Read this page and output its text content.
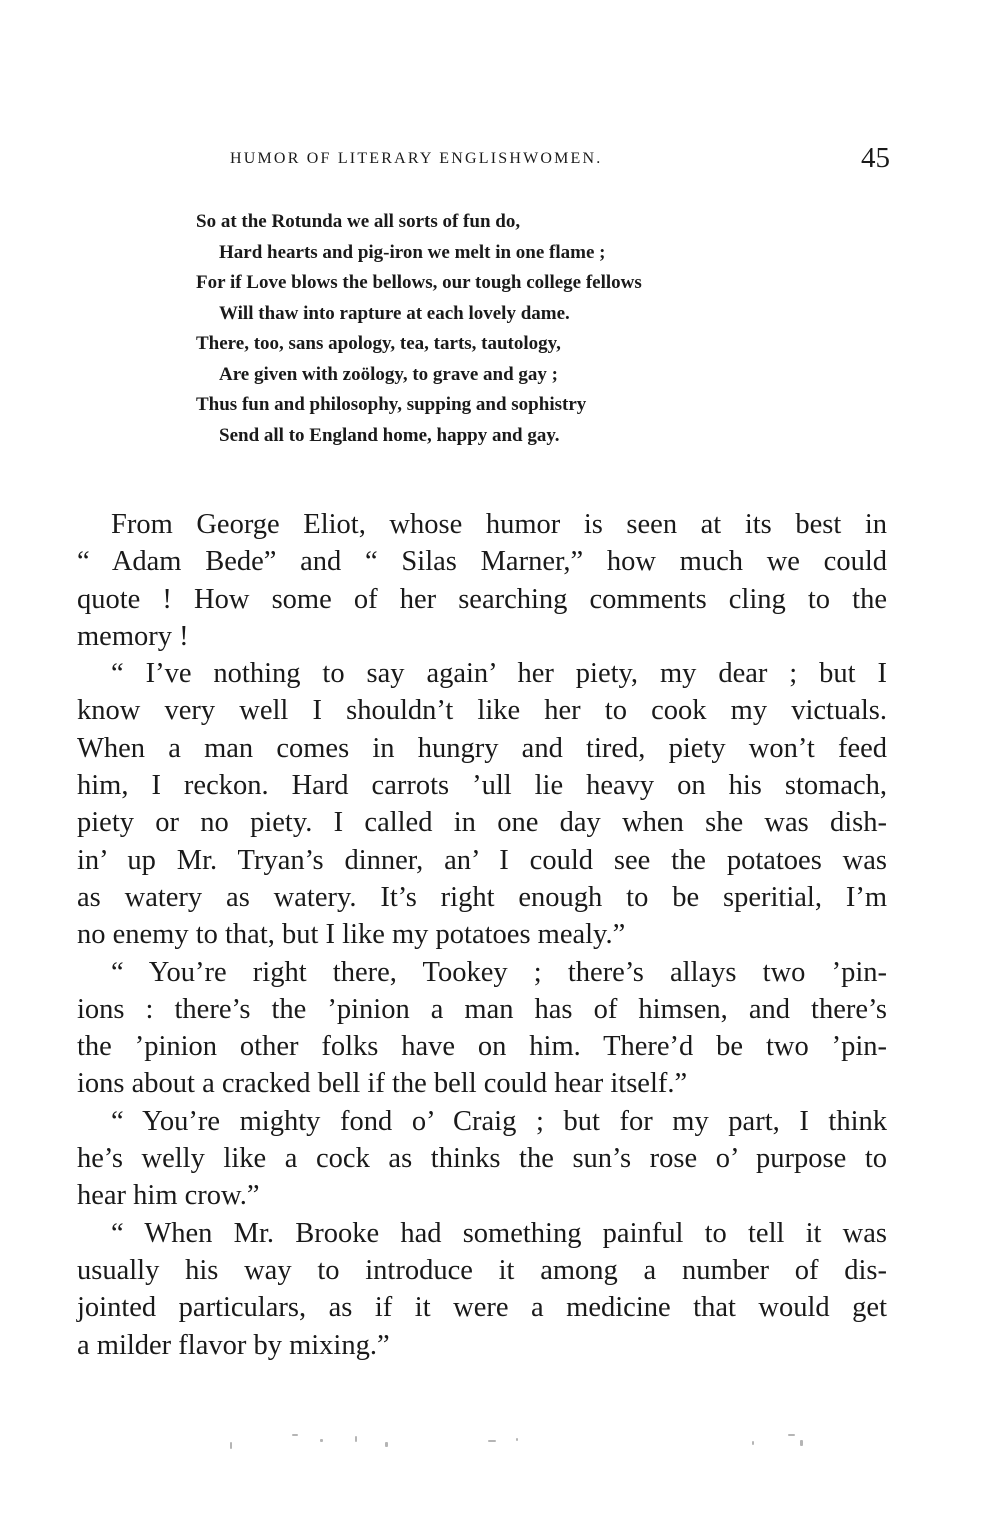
HUMOR OF LITERARY ENGLISHWOMEN.	45
So at the Rotunda we all sorts of fun do,
Hard hearts and pig-iron we melt in one flame ;
For if Love blows the bellows, our tough college fellows
Will thaw into rapture at each lovely dame.
There, too, sans apology, tea, tarts, tautology,
Are given with zoölogy, to grave and gay ;
Thus fun and philosophy, supping and sophistry
Send all to England home, happy and gay.
From George Eliot, whose humor is seen at its best in
“ Adam Bede” and “ Silas Marner,” how much we could
quote ! How some of her searching comments cling to the
memory !
“ I’ve nothing to say again’ her piety, my dear ; but I
know very well I shouldn’t like her to cook my victuals.
When a man comes in hungry and tired, piety won’t feed
him, I reckon. Hard carrots ’ull lie heavy on his stomach,
piety or no piety. I called in one day when she was dish-
in’ up Mr. Tryan’s dinner, an’ I could see the potatoes was
as watery as watery. It’s right enough to be speritial, I’m
no enemy to that, but I like my potatoes mealy.”
“ You’re right there, Tookey ; there’s allays two ’pin-
ions : there’s the ’pinion a man has of himsen, and there’s
the ’pinion other folks have on him. There’d be two ’pin-
ions about a cracked bell if the bell could hear itself.”
“ You’re mighty fond o’ Craig ; but for my part, I think
he’s welly like a cock as thinks the sun’s rose o’ purpose to
hear him crow.”
“ When Mr. Brooke had something painful to tell it was
usually his way to introduce it among a number of dis-
jointed particulars, as if it were a medicine that would get
a milder flavor by mixing.”
